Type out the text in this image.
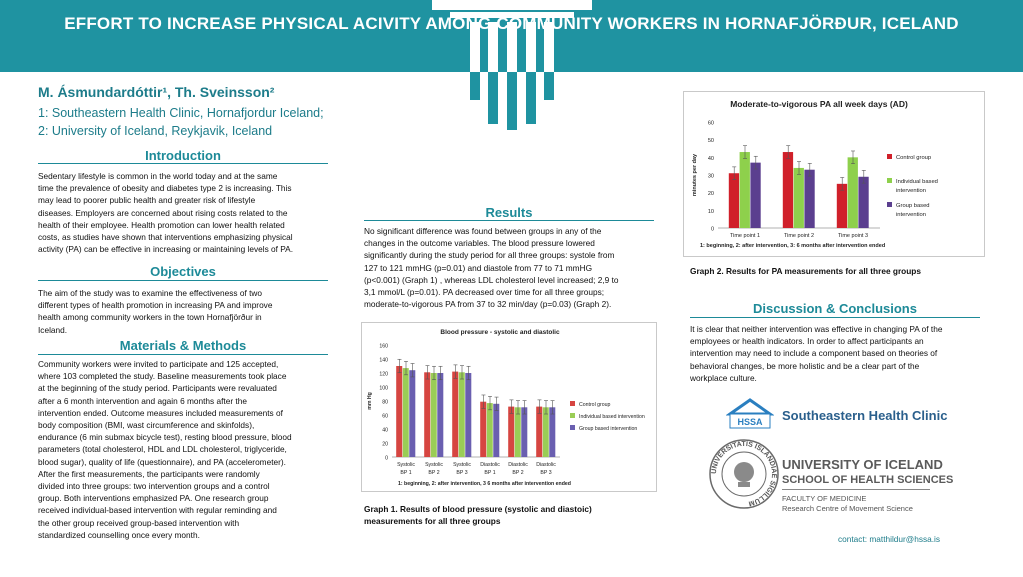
EFFORT TO INCREASE PHYSICAL ACIVITY AMONG COMMUNITY WORKERS IN HORNAFJÖRÐUR, ICELAND
M. Ásmundardóttir¹, Th. Sveinsson²
1: Southeastern Health Clinic, Hornafjordur Iceland;
2: University of Iceland, Reykjavik, Iceland
Introduction
Sedentary lifestyle is common in the world today and at the same
time the prevalence of obesity and diabetes type 2 is increasing. This
may lead to poorer public health and greater risk of lifestyle
diseases. Employers are concerned about rising costs related to the
health of their employee. Health promotion can lower health related
costs, as studies have shown that interventions emphasizing physical
activity (PA) can be effective in increasing or maintaining levels of PA.
Objectives
The aim of the study was to examine the effectiveness of two
different types of health promotion in increasing PA and improve
health among community workers in the town Hornafjörður in
Iceland.
Materials & Methods
Community workers were invited to participate and 125 accepted,
where 103 completed the study. Baseline measurements took place
at the beginning of the study period. Participants were revaluated
after a 6 month intervention and again 6 months after the
intervention ended. Outcome measures included measurements of
body composition (BMI, wast circumference and skinfolds),
endurance (6 min submax bicycle test), resting blood pressure, blood
parameters (total cholesterol, HDL and LDL cholesterol, triglyceride,
blood sugar), quality of life (questionnaire), and PA (accelerometer).
After the first measurements, the participants were randomly
divided into three groups: two intervention groups and a control
group. Both interventions emphasized PA. One research group
received individual-based intervention with regular reminding and
the other group received group-based intervention with
standardized counselling once every month.
Results
No significant difference was found between groups in any of the
changes in the outcome variables. The blood pressure lowered
significantly during the study period for all three groups: systole from
127 to 121 mmHG (p=0.01) and diastole from 77 to 71 mmHG
(p<0.001) (Graph 1) , whereas LDL cholesterol level increased; 2,9 to
3,1 mmol/L (p=0.01). PA decreased over time for all three groups;
moderate-to-vigorous PA from 37 to 32 min/day (p=0.03) (Graph 2).
Blood pressure - systolic and diastolic
0
20
40
60
80
100
120
140
160
mm Hg
Systolic
BP 1
Systolic
BP 2
Systolic
BP 3
Diastolic
BP 1
Diastolic
BP 2
Diastolic
BP 3
Control group
Individual based intervention
Group based intervention
1: beginning, 2: after intervention, 3 6 months after intervention ended
Graph 1. Results of blood pressure (systolic and diastoic)
measurements for all three groups
Moderate-to-vigorous PA all week days (AD)
0
10
20
30
40
50
60
minutes per day
Time point 1	Time point 2	Time point 3
Control group
Individual based
intervention
Group based
intervention
1: beginning, 2: after intervention, 3: 6 months after intervention ended
Graph 2. Results for PA measurements for all three groups
Discussion & Conclusions
It is clear that neither intervention was effective in changing PA of the
employees or health indicators. In order to affect participants an
intervention may need to include a component based on theories of
behavioral changes, be more holistic and be a clear part of the
workplace culture.
HSSA Southeastern Health Clinic
UNIVERSITATIS ISLANDIAE SIGILLUM
UNIVERSITY OF ICELAND
SCHOOL OF HEALTH SCIENCES
FACULTY OF MEDICINE
Research Centre of Movement Science
contact: matthildur@hssa.is
